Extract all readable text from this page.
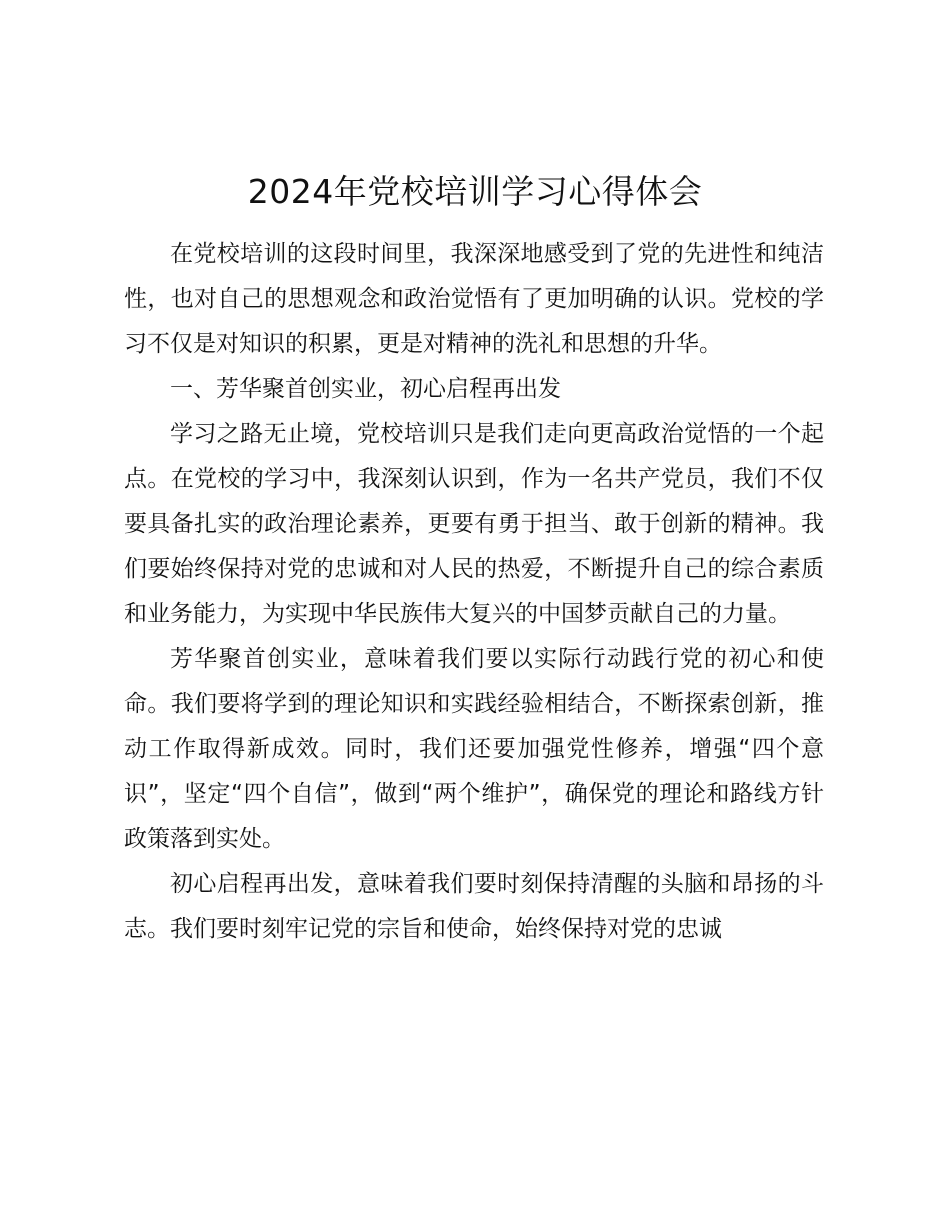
2024年党校培训学习心得体会

在党校培训的这段时间里，我深深地感受到了党的先进性和纯洁性，也对自己的思想观念和政治觉悟有了更加明确的认识。党校的学习不仅是对知识的积累，更是对精神的洗礼和思想的升华。

一、芳华聚首创实业，初心启程再出发

学习之路无止境，党校培训只是我们走向更高政治觉悟的一个起点。在党校的学习中，我深刻认识到，作为一名共产党员，我们不仅要具备扎实的政治理论素养，更要有勇于担当、敢于创新的精神。我们要始终保持对党的忠诚和对人民的热爱，不断提升自己的综合素质和业务能力，为实现中华民族伟大复兴的中国梦贡献自己的力量。

芳华聚首创实业，意味着我们要以实际行动践行党的初心和使命。我们要将学到的理论知识和实践经验相结合，不断探索创新，推动工作取得新成效。同时，我们还要加强党性修养，增强“四个意识”，坚定“四个自信”，做到“两个维护”，确保党的理论和路线方针政策落到实处。

初心启程再出发，意味着我们要时刻保持清醒的头脑和昂扬的斗志。我们要时刻牢记党的宗旨和使命，始终保持对党的忠诚
